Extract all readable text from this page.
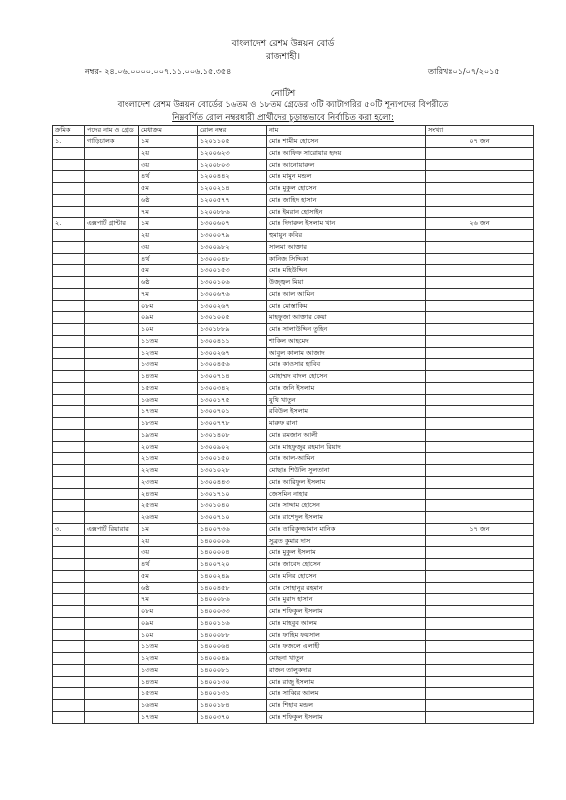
বাংলাদেশ রেশম উন্নয়ন বোর্ড
রাজশাহী।
নম্বর- ২৪.০৬.০০০০.০০৭.১১.০০৬.১৫.৩৫৪	তারিখঃ০১/০৭/২০১৫
নোটিশ
বাংলাদেশ রেশম উন্নয়ন বোর্ডের ১৬তম ও ১৮তম গ্রেডের ৩টি ক্যাটাগরির ৫০টি শূন্যপদের বিপরীতে
নিম্নবর্ণিত রোল নম্বরধারী প্রার্থীদের চূড়ান্তভাবে নির্বাচিত করা হলো:
ক্রমিক	পদের নাম ও গ্রেড	মেধাক্রম	রোল নম্বর	নাম	সংখ্যা
১.	গাড়িচালক	১ম	১২০১১০৫	মোঃ শামীম হোসেন	০৭ জন
		২য়	১২০০৬২৩	মোঃ আফিফ সারোয়ার হৃদয়	
		৩য়	১২০০৮০৩	মোঃ আনোয়ারুল	
		৪র্থ	১২০০৪৪২	মোঃ মামুন মন্ডল	
		৫ম	১২০০২১৪	মোঃ মুকুল হোসেন	
		৬ষ্ঠ	১২০০৫৭৭	মোঃ জাহিদ হাসান	
		৭ম	১২০০৮৮৬	মোঃ ইমরান হোসাইন	
২.	এক্সপার্ট গ্রান্টার	১ম	১৩০০৬০৭	মোঃ দিদারুল ইসলাম খান	২৬ জন
		২য়	১৩০০০৭৯	হুমায়ুন কবির	
		৩য়	১৩০০৯৮২	সালমা আক্তার	
		৪র্থ	১৩০০০৪৮	কানিজ সিদ্দিকা	
		৫ম	১৩০০১৫৩	মোঃ মহিউদ্দিন	
		৬ষ্ঠ	১৩০০১০৬	উজ্জ্বল মিয়া	
		৭ম	১৩০০৬৭৬	মোঃ আল আমিন	
		০৮ম	১৩০০২৬৭	মোঃ মোস্তাকিম	
		০৯ম	১৩০১০০৫	মাহফুজা আক্তার কেয়া	
		১০ম	১৩০১৮৮৯	মোঃ সালাউদ্দিন তুহিন	
		১১তম	১৩০০৪১১	শাকিল আহমেদ	
		১২তম	১৩০০২৬৭	আবুল কালাম আজাদ	
		১৩তম	১৩০০৪৫৬	মোঃ কাওসার হাবিব	
		১৪তম	১৩০০৭১৪	মোহাম্মদ বাদল হোসেন	
		১৫তম	১৩০০৩৪২	মোঃ জনি ইসলাম	
		১৬তম	১৩০০১৭৫	যুথি খাতুন	
		১৭তম	১৩০০৭০১	রবিউল ইসলাম	
		১৮তম	১৩০০৭৭৮	মারুফ রানা	
		১৯তম	১৩০১৪০৮	মোঃ রমজান আলী	
		২০তম	১৩০০৯০২	মোঃ মাহফুজুর রহমান রিয়াদ	
		২১তম	১৩০০১৫০	মোঃ আল-আমিন	
		২২তম	১৩০১০২৮	মোছাঃ শিউলি সুলতানা	
		২৩তম	১৩০০৪৪৩	মোঃ আরিফুল ইসলাম	
		২৪তম	১৩০১৭১০	জেসমিন নাহার	
		২৫তম	১৩০১০৪০	মোঃ সাদ্দাম হোসেন	
		২৬তম	১৩০০৭১০	মোঃ রাশেদুল ইসলাম	
৩.	এক্সপার্ট রিয়ারার	১ম	১৪০০৭৩৬	মোঃ তারিকুজ্জামান মানিক	১৭ জন
		২য়	১৪০০০০৬	সুব্রত কুমার দাস	
		৩য়	১৪০০০০৪	মোঃ মুকুল ইসলাম	
		৪র্থ	১৪০০৭২০	মোঃ জাবেদ হোসেন	
		৫ম	১৪০০২৪৯	মোঃ মনির হোসেন	
		৬ষ্ঠ	১৪০০৪৫৮	মোঃ সোহানুর রহমান	
		৭ম	১৪০০০৮৬	মোঃ মুরাদ হাসান	
		০৮ম	১৪০০০৩৩	মোঃ শফিকুল ইসলাম	
		০৯ম	১৪০০১১৬	মোঃ মাহবুব আলম	
		১০ম	১৪০০০৮৮	মোঃ ফাহিম ফয়সাল	
		১১তম	১৪০০০৬৪	মোঃ ফজলে এলাহী	
		১২তম	১৪০০০৪৯	মোছনা খাতুন	
		১৩তম	১৪০০০৮১	রাজন তালুকদার	
		১৪তম	১৪০০১৩০	মোঃ রাজু ইসলাম	
		১৫তম	১৪০০১৩১	মোঃ সাব্বির আলম	
		১৬তম	১৪০০১৮৪	মোঃ শিহাব মন্ডল	
		১৭তম	১৪০০৩৭০	মোঃ শফিকুল ইসলাম	
